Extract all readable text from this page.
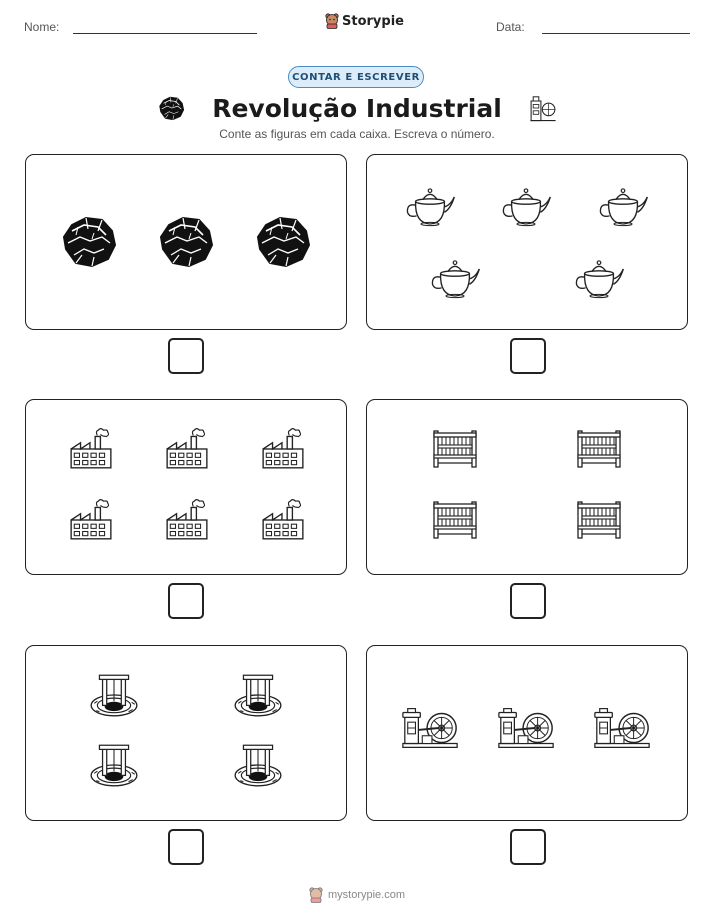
Nome:	Storypie	Data:
CONTAR E ESCREVER
Revolução Industrial
Conte as figuras em cada caixa. Escreva o número.
mystorypie.com
